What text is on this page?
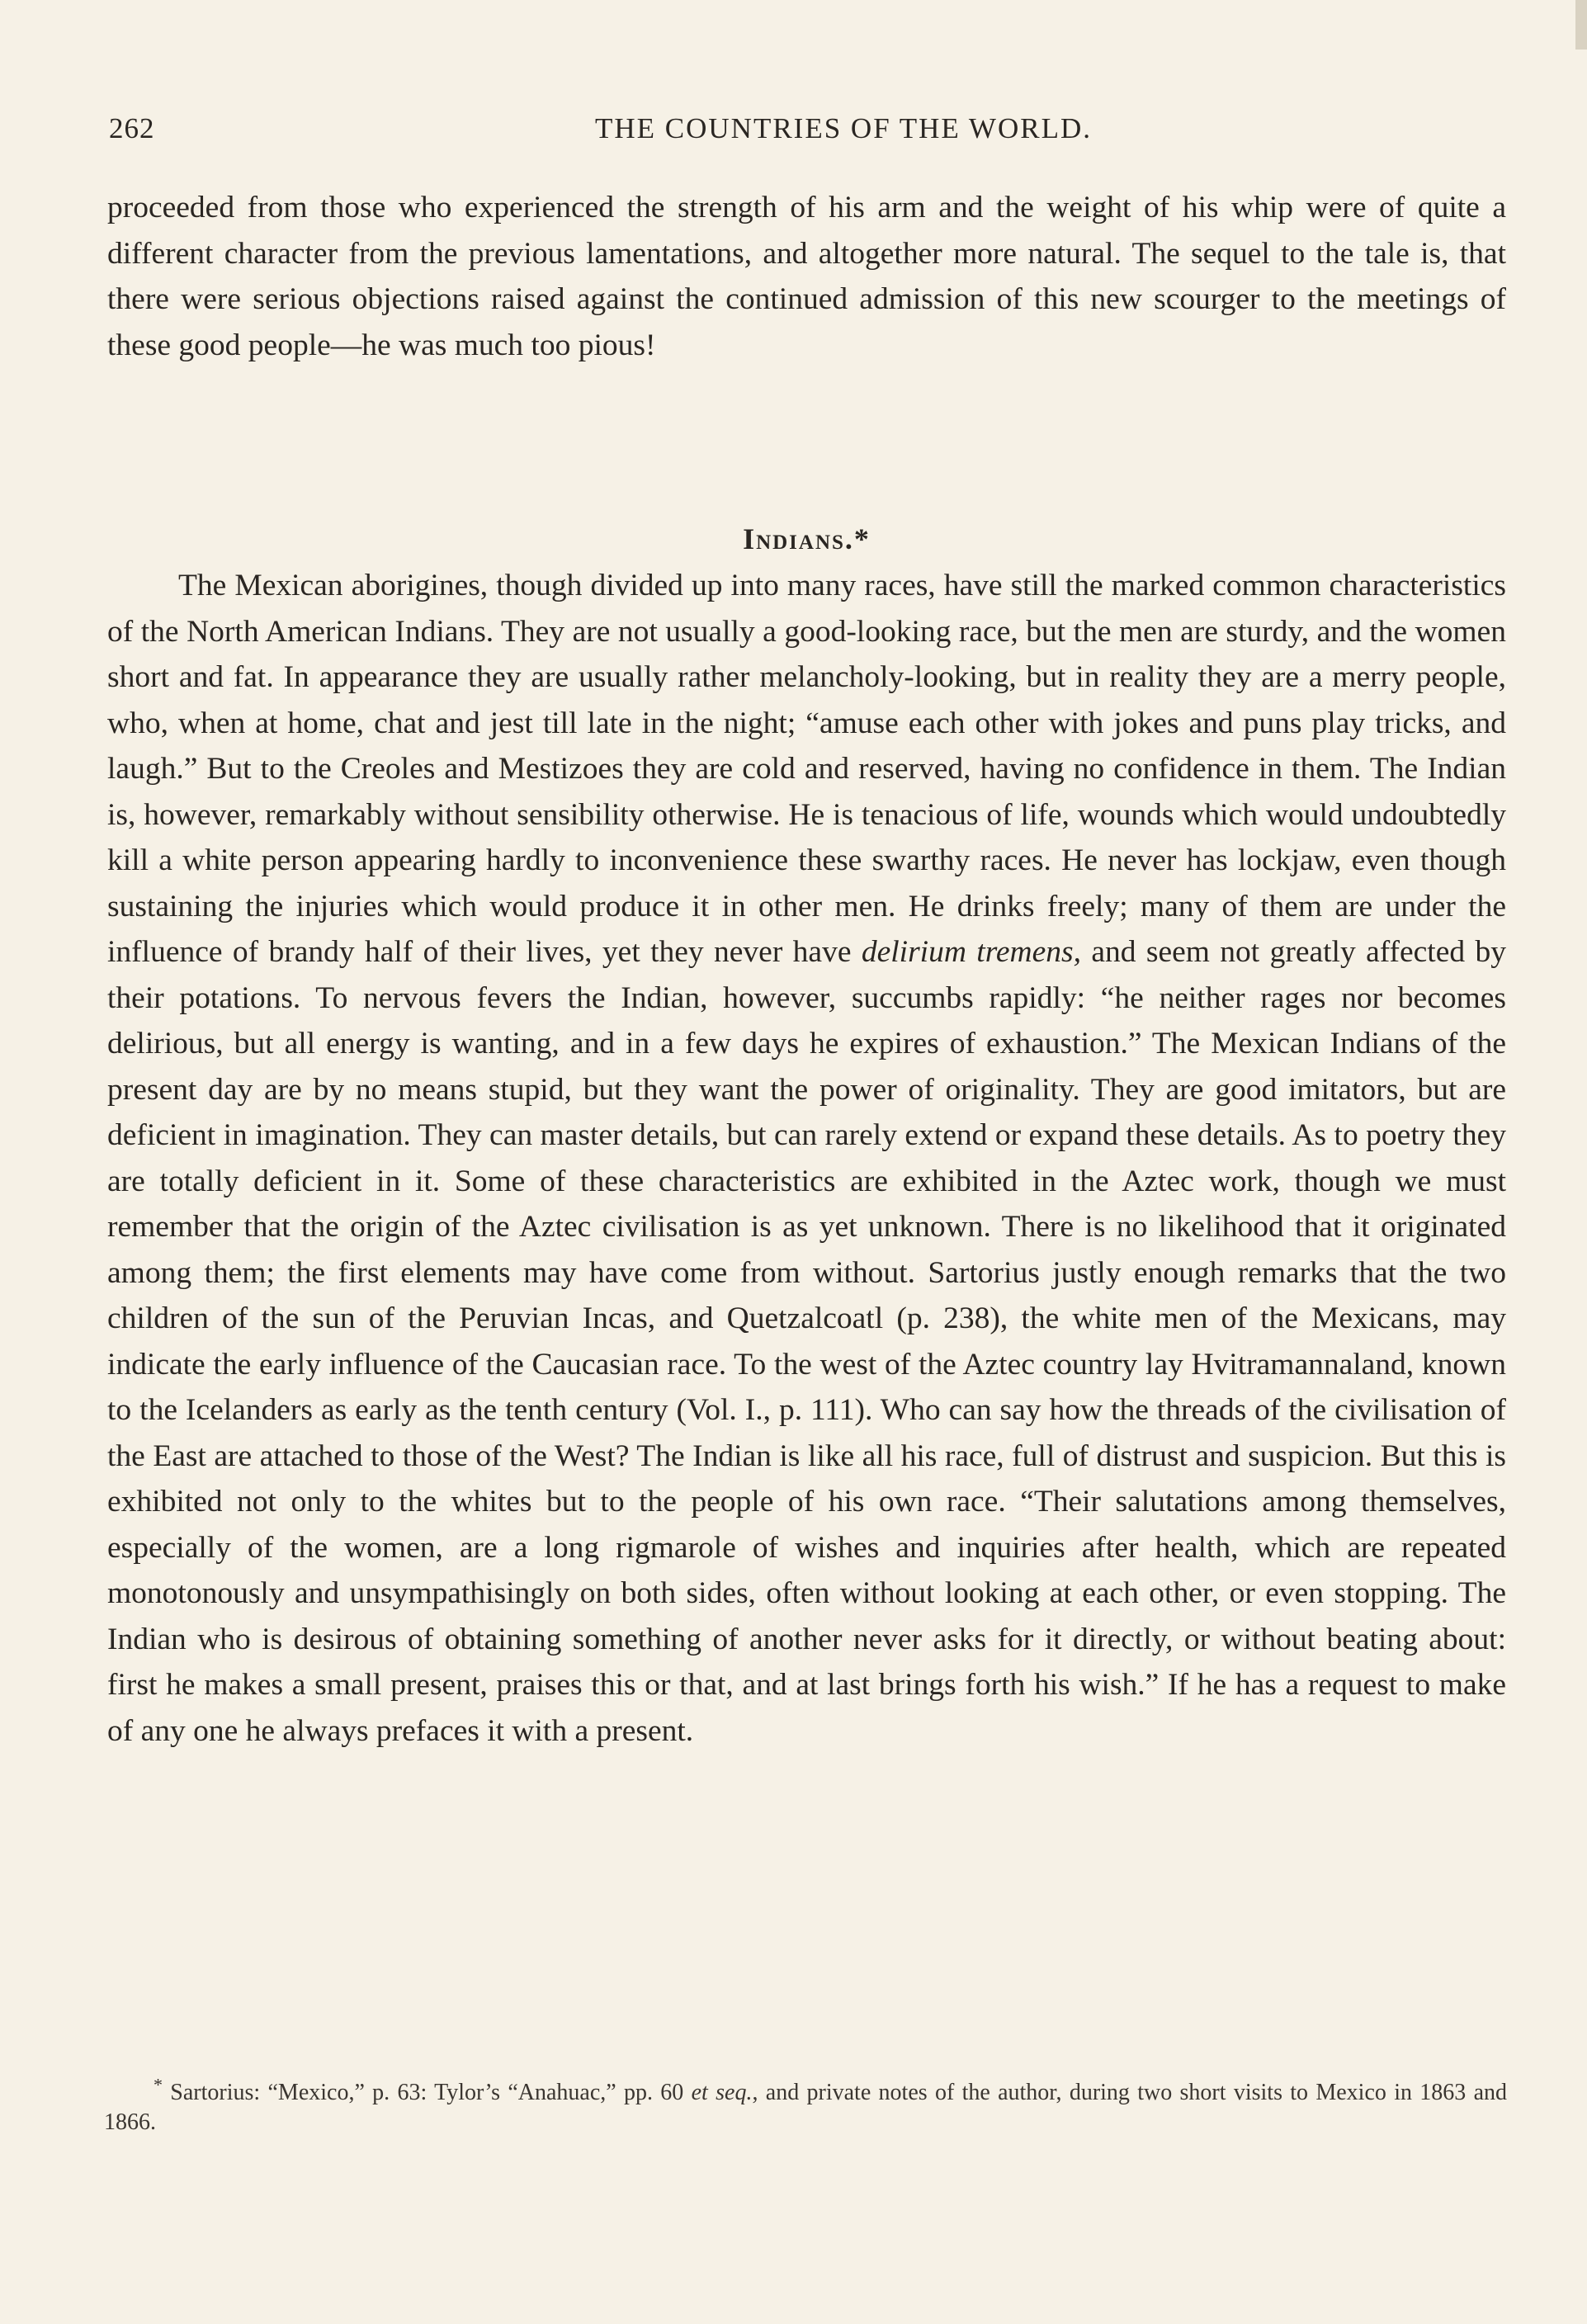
262	THE COUNTRIES OF THE WORLD.

proceeded from those who experienced the strength of his arm and the weight of his whip were of quite a different character from the previous lamentations, and altogether more natural. The sequel to the tale is, that there were serious objections raised against the continued admission of this new scourger to the meetings of these good people—he was much too pious!

Indians.*

The Mexican aborigines, though divided up into many races, have still the marked common characteristics of the North American Indians. They are not usually a good-looking race, but the men are sturdy, and the women short and fat. In appearance they are usually rather melancholy-looking, but in reality they are a merry people, who, when at home, chat and jest till late in the night; “amuse each other with jokes and puns play tricks, and laugh.” But to the Creoles and Mestizoes they are cold and reserved, having no confidence in them. The Indian is, however, remarkably without sensibility otherwise. He is tenacious of life, wounds which would undoubtedly kill a white person appearing hardly to inconvenience these swarthy races. He never has lockjaw, even though sustaining the injuries which would produce it in other men. He drinks freely; many of them are under the influence of brandy half of their lives, yet they never have delirium tremens, and seem not greatly affected by their potations. To nervous fevers the Indian, however, succumbs rapidly: “he neither rages nor becomes delirious, but all energy is wanting, and in a few days he expires of exhaustion.” The Mexican Indians of the present day are by no means stupid, but they want the power of originality. They are good imitators, but are deficient in imagination. They can master details, but can rarely extend or expand these details. As to poetry they are totally deficient in it. Some of these characteristics are exhibited in the Aztec work, though we must remember that the origin of the Aztec civilisation is as yet unknown. There is no likelihood that it originated among them; the first elements may have come from without. Sartorius justly enough remarks that the two children of the sun of the Peruvian Incas, and Quetzalcoatl (p. 238), the white men of the Mexicans, may indicate the early influence of the Caucasian race. To the west of the Aztec country lay Hvitramannaland, known to the Icelanders as early as the tenth century (Vol. I., p. 111). Who can say how the threads of the civilisation of the East are attached to those of the West? The Indian is like all his race, full of distrust and suspicion. But this is exhibited not only to the whites but to the people of his own race. “Their salutations among themselves, especially of the women, are a long rigmarole of wishes and inquiries after health, which are repeated monotonously and unsympathisingly on both sides, often without looking at each other, or even stopping. The Indian who is desirous of obtaining something of another never asks for it directly, or without beating about: first he makes a small present, praises this or that, and at last brings forth his wish.” If he has a request to make of any one he always prefaces it with a present.

* Sartorius: “Mexico,” p. 63: Tylor’s “Anahuac,” pp. 60 et seq., and private notes of the author, during two short visits to Mexico in 1863 and 1866.
